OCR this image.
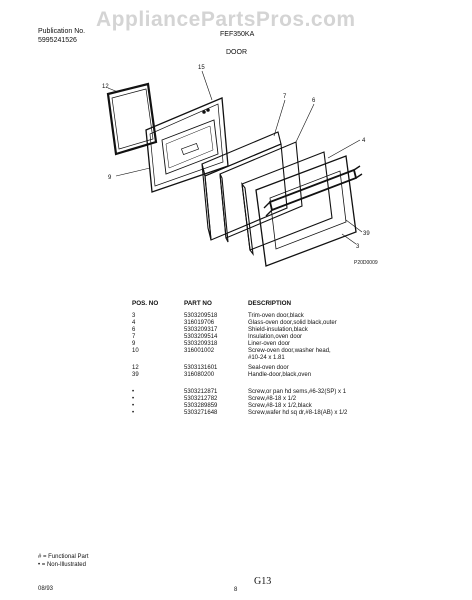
AppliancePartsPros.com
Publication No.
5995241526
FEF350KA
DOOR
12
15
7
6
9
4
39
3
P20D0009
POS. NO	PART NO	DESCRIPTION
3	5303209518	Trim-oven door,black
4	316019706	Glass-oven door,solid black,outer
6	5303209317	Shield-insulation,black
7	5303209514	Insulation,oven door
9	5303209318	Liner-oven door
10	316001002	Screw-oven door,washer head,
#10-24 x 1.81
12	5303131601	Seal-oven door
39	316080200	Handle-door,black,oven
•	5303212871	Screw,or pan hd sems,#6-32(SP) x 1
•	5303212782	Screw,#8-18 x 1/2
•	5303289859	Screw,#8-18 x 1/2,black
•	5303271648	Screw,wafer hd sq dr,#8-18(AB) x 1/2
# = Functional Part
• = Non-Illustrated
08/93	8
G13
